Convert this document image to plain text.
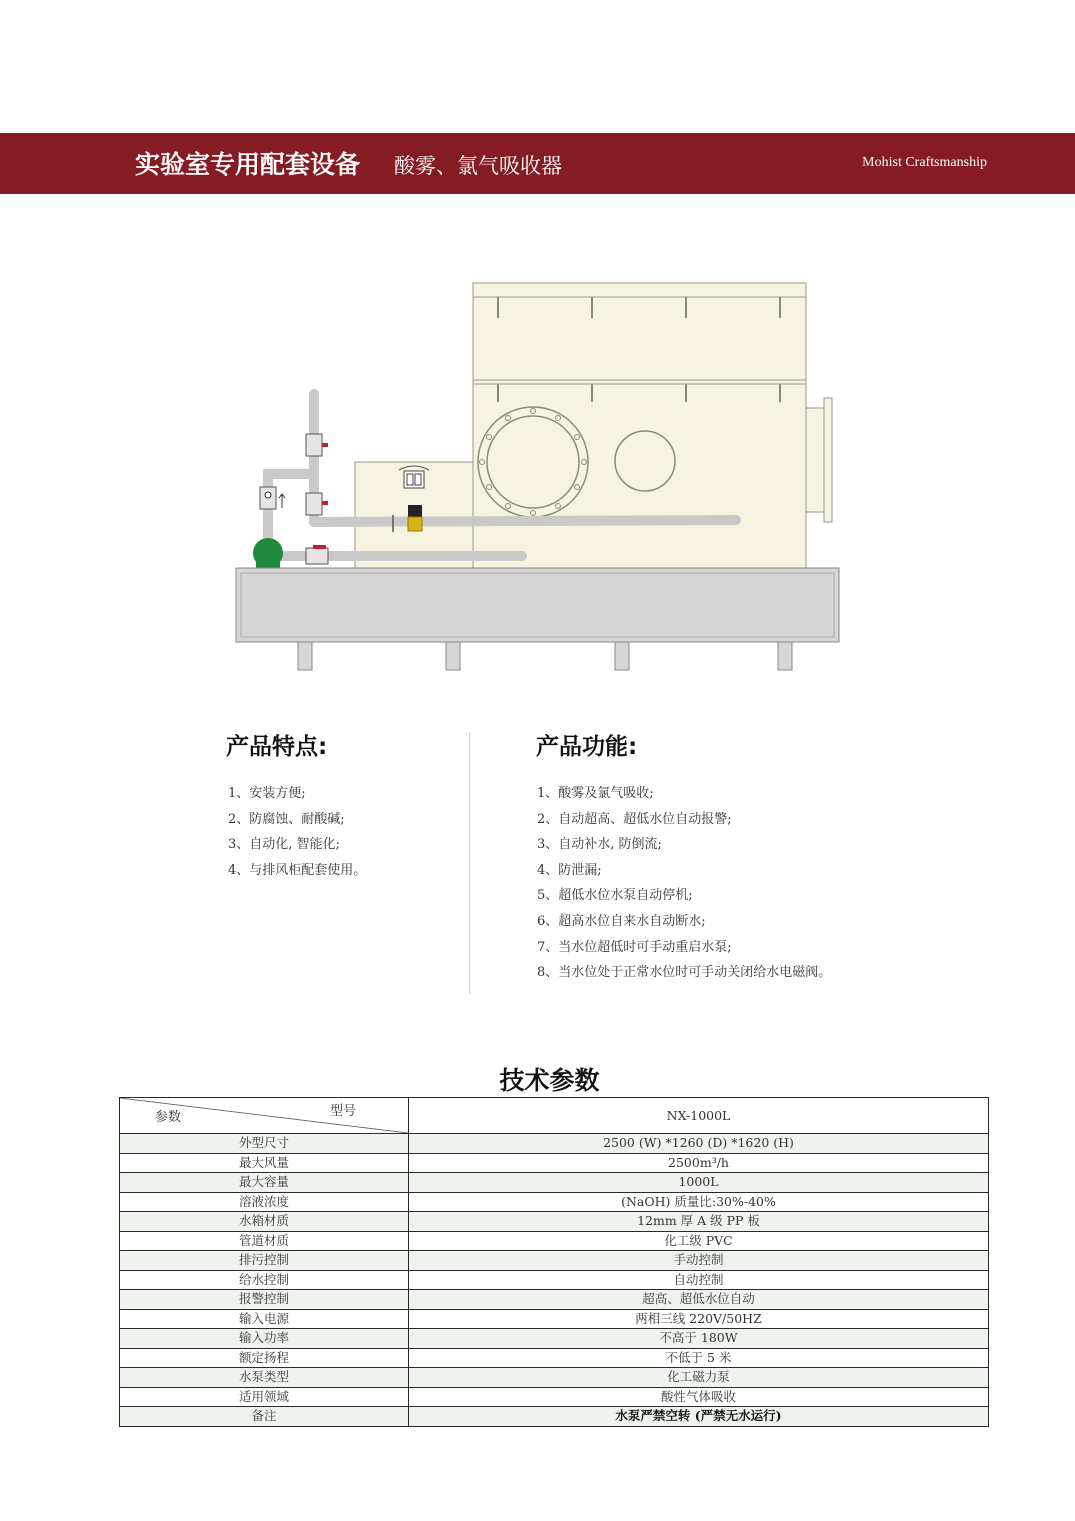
实验室专用配套设备 酸雾、氯气吸收器	Mohist Craftsmanship
产品特点:
1、安装方便;
2、防腐蚀、耐酸碱;
3、自动化, 智能化;
4、与排风柜配套使用。
产品功能:
1、酸雾及氯气吸收;
2、自动超高、超低水位自动报警;
3、自动补水, 防倒流;
4、防泄漏;
5、超低水位水泵自动停机;
6、超高水位自来水自动断水;
7、当水位超低时可手动重启水泵;
8、当水位处于正常水位时可手动关闭给水电磁阀。
技术参数
型号
参数	NX-1000L
外型尺寸	2500 (W) *1260 (D) *1620 (H)
最大风量	2500m³/h
最大容量	1000L
溶液浓度	(NaOH) 质量比:30%-40%
水箱材质	12mm 厚 A 级 PP 板
管道材质	化工级 PVC
排污控制	手动控制
给水控制	自动控制
报警控制	超高、超低水位自动
输入电源	两相三线 220V/50HZ
输入功率	不高于 180W
额定扬程	不低于 5 米
水泵类型	化工磁力泵
适用领域	酸性气体吸收
备注	水泵严禁空转 (严禁无水运行)
